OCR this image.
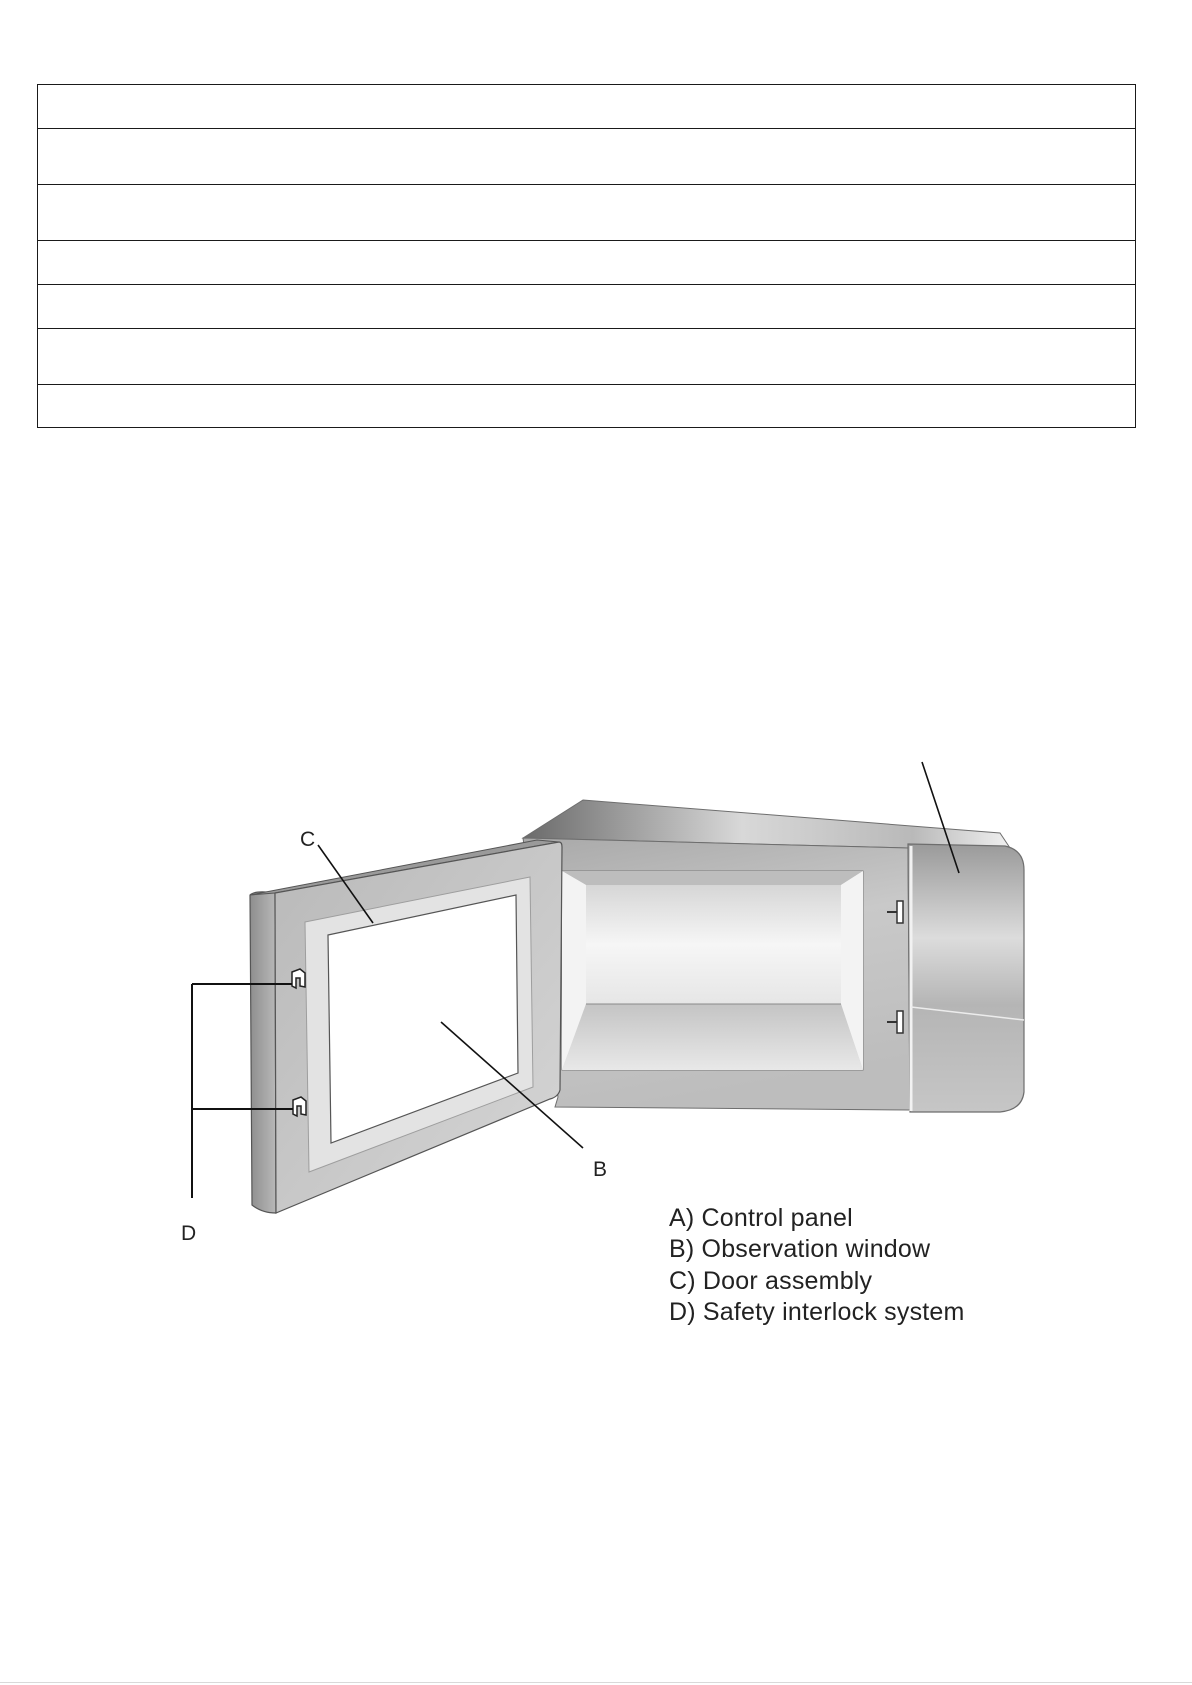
C
B
D
A) Control panel
B) Observation window
C) Door assembly
D) Safety interlock system
